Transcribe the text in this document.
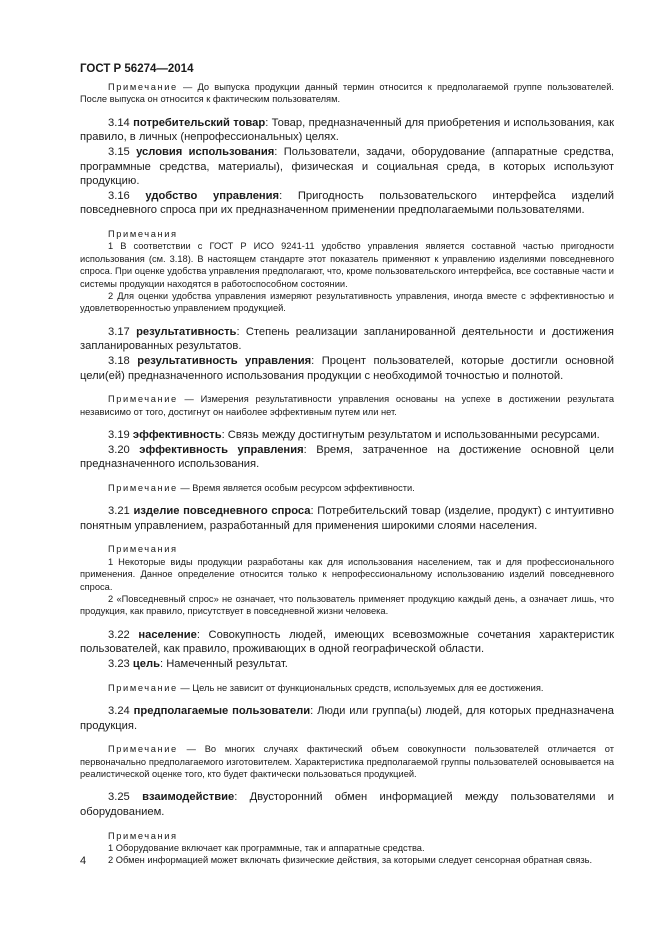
ГОСТ Р 56274—2014

Примечание — До выпуска продукции данный термин относится к предполагаемой группе пользователей. После выпуска он относится к фактическим пользователям.

3.14 потребительский товар: Товар, предназначенный для приобретения и использования, как правило, в личных (непрофессиональных) целях.

3.15 условия использования: Пользователи, задачи, оборудование (аппаратные средства, программные средства, материалы), физическая и социальная среда, в которых используют продукцию.

3.16 удобство управления: Пригодность пользовательского интерфейса изделий повседневного спроса при их предназначенном применении предполагаемыми пользователями.

Примечания
1 В соответствии с ГОСТ Р ИСО 9241-11 удобство управления является составной частью пригодности использования (см. 3.18). В настоящем стандарте этот показатель применяют к управлению изделиями повседневного спроса. При оценке удобства управления предполагают, что, кроме пользовательского интерфейса, все составные части и системы продукции находятся в работоспособном состоянии.
2 Для оценки удобства управления измеряют результативность управления, иногда вместе с эффективностью и удовлетворенностью управлением продукцией.

3.17 результативность: Степень реализации запланированной деятельности и достижения запланированных результатов.

3.18 результативность управления: Процент пользователей, которые достигли основной цели(ей) предназначенного использования продукции с необходимой точностью и полнотой.

Примечание — Измерения результативности управления основаны на успехе в достижении результата независимо от того, достигнут он наиболее эффективным путем или нет.

3.19 эффективность: Связь между достигнутым результатом и использованными ресурсами.

3.20 эффективность управления: Время, затраченное на достижение основной цели предназначенного использования.

Примечание — Время является особым ресурсом эффективности.

3.21 изделие повседневного спроса: Потребительский товар (изделие, продукт) с интуитивно понятным управлением, разработанный для применения широкими слоями населения.

Примечания
1 Некоторые виды продукции разработаны как для использования населением, так и для профессионального применения. Данное определение относится только к непрофессиональному использованию изделий повседневного спроса.
2 «Повседневный спрос» не означает, что пользователь применяет продукцию каждый день, а означает лишь, что продукция, как правило, присутствует в повседневной жизни человека.

3.22 население: Совокупность людей, имеющих всевозможные сочетания характеристик пользователей, как правило, проживающих в одной географической области.

3.23 цель: Намеченный результат.

Примечание — Цель не зависит от функциональных средств, используемых для ее достижения.

3.24 предполагаемые пользователи: Люди или группа(ы) людей, для которых предназначена продукция.

Примечание — Во многих случаях фактический объем совокупности пользователей отличается от первоначально предполагаемого изготовителем. Характеристика предполагаемой группы пользователей основывается на реалистической оценке того, кто будет фактически пользоваться продукцией.

3.25 взаимодействие: Двусторонний обмен информацией между пользователями и оборудованием.

Примечания
1 Оборудование включает как программные, так и аппаратные средства.
2 Обмен информацией может включать физические действия, за которыми следует сенсорная обратная связь.
4
